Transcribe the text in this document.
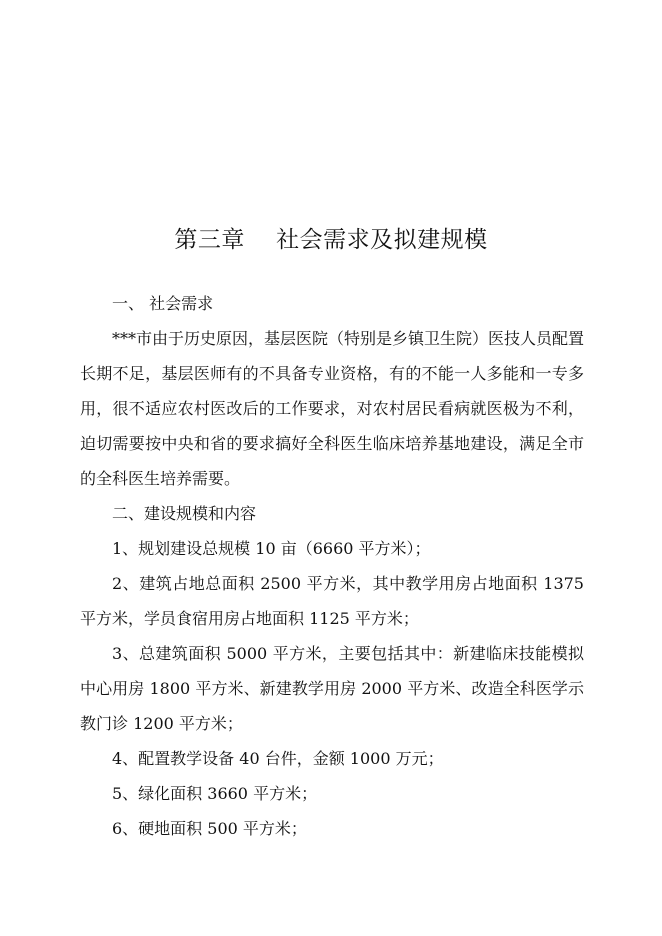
第三章    社会需求及拟建规模

一、 社会需求

***市由于历史原因，基层医院（特别是乡镇卫生院）医技人员配置长期不足，基层医师有的不具备专业资格，有的不能一人多能和一专多用，很不适应农村医改后的工作要求，对农村居民看病就医极为不利，迫切需要按中央和省的要求搞好全科医生临床培养基地建设，满足全市的全科医生培养需要。

二、建设规模和内容

1、规划建设总规模 10 亩（6660 平方米）；

2、建筑占地总面积 2500 平方米，其中教学用房占地面积 1375 平方米，学员食宿用房占地面积 1125 平方米；

3、总建筑面积 5000 平方米，主要包括其中：新建临床技能模拟中心用房 1800 平方米、新建教学用房 2000 平方米、改造全科医学示教门诊 1200 平方米；

4、配置教学设备 40 台件，金额 1000 万元；

5、绿化面积 3660 平方米；

6、硬地面积 500 平方米；
